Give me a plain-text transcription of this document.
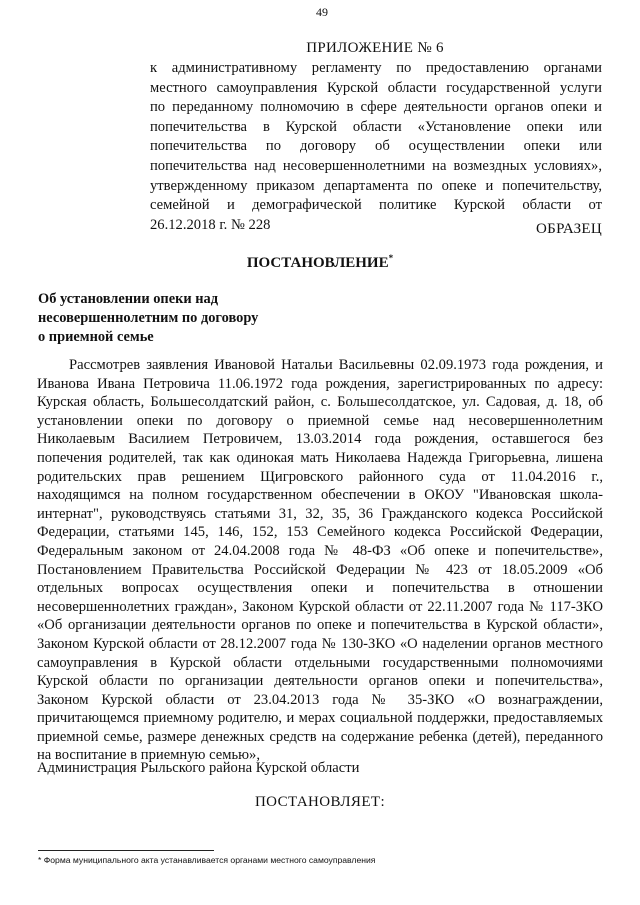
49
ПРИЛОЖЕНИЕ № 6
к административному регламенту по предоставлению органами
местного самоуправления Курской области государственной услуги
по переданному полномочию в сфере деятельности органов опеки и
попечительства в Курской области «Установление опеки или
попечительства по договору об осуществлении опеки или
попечительства над несовершеннолетними на возмездных условиях»,
утвержденному приказом департамента по опеке и попечительству,
семейной и демографической политике Курской области от
26.12.2018 г. № 228	ОБРАЗЕЦ
ПОСТАНОВЛЕНИЕ*
Об установлении опеки над
несовершеннолетним по договору
о приемной семье
Рассмотрев заявления Ивановой Натальи Васильевны 02.09.1973 года рождения, и
Иванова Ивана Петровича 11.06.1972 года рождения, зарегистрированных по адресу:
Курская область, Большесолдатский район, с. Большесолдатское, ул. Садовая, д. 18, об
установлении опеки по договору о приемной семье над несовершеннолетним
Николаевым Василием Петровичем, 13.03.2014 года рождения, оставшегося без
попечения родителей, так как одинокая мать Николаева Надежда Григорьевна, лишена
родительских прав решением Щигровского районного суда от 11.04.2016 г.,
находящимся на полном государственном обеспечении в ОКОУ "Ивановская школа-
интернат", руководствуясь статьями 31, 32, 35, 36 Гражданского кодекса Российской
Федерации, статьями 145, 146, 152, 153 Семейного кодекса Российской Федерации,
Федеральным законом от 24.04.2008 года № 48-ФЗ «Об опеке и попечительстве»,
Постановлением Правительства Российской Федерации № 423 от 18.05.2009 «Об
отдельных вопросах осуществления опеки и попечительства в отношении
несовершеннолетних граждан», Законом Курской области от 22.11.2007 года № 117-ЗКО
«Об организации деятельности органов по опеке и попечительства в Курской области»,
Законом Курской области от 28.12.2007 года № 130-ЗКО «О наделении органов местного
самоуправления в Курской области отдельными государственными полномочиями
Курской области по организации деятельности органов опеки и попечительства»,
Законом Курской области от 23.04.2013 года № 35-ЗКО «О вознаграждении,
причитающемся приемному родителю, и мерах социальной поддержки, предоставляемых
приемной семье, размере денежных средств на содержание ребенка (детей), переданного
на воспитание в приемную семью»,
Администрация Рыльского района Курской области
ПОСТАНОВЛЯЕТ:
* Форма муниципального акта устанавливается органами местного самоуправления
